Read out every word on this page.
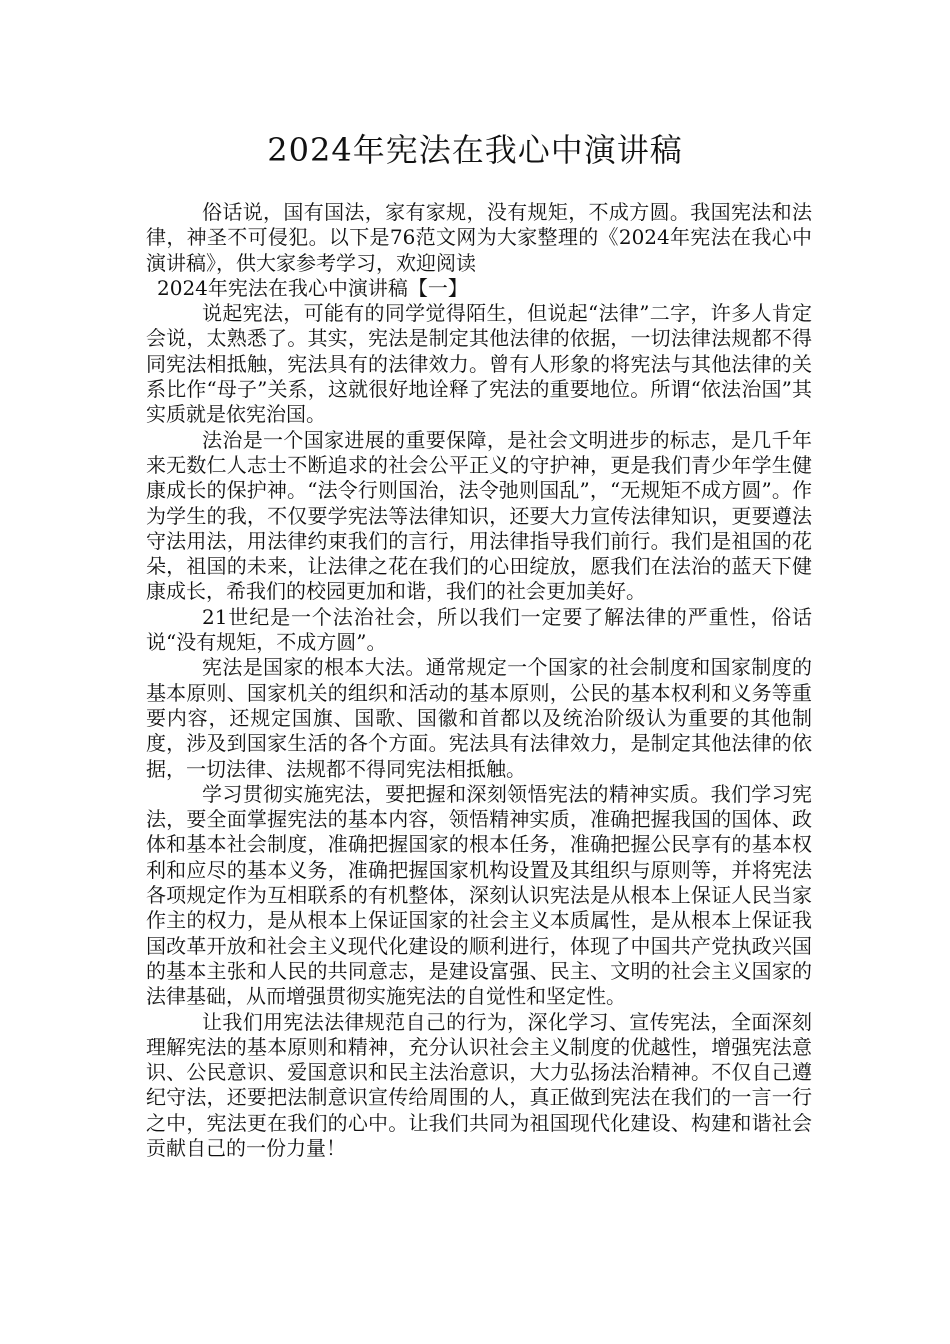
2024年宪法在我心中演讲稿

俗话说，国有国法，家有家规，没有规矩，不成方圆。我国宪法和法律，神圣不可侵犯。以下是76范文网为大家整理的《2024年宪法在我心中演讲稿》，供大家参考学习，欢迎阅读

2024年宪法在我心中演讲稿【一】

说起宪法，可能有的同学觉得陌生，但说起“法律”二字，许多人肯定会说，太熟悉了。其实，宪法是制定其他法律的依据，一切法律法规都不得同宪法相抵触，宪法具有的法律效力。曾有人形象的将宪法与其他法律的关系比作“母子”关系，这就很好地诠释了宪法的重要地位。所谓“依法治国”其实质就是依宪治国。

法治是一个国家进展的重要保障，是社会文明进步的标志，是几千年来无数仁人志士不断追求的社会公平正义的守护神，更是我们青少年学生健康成长的保护神。“法令行则国治，法令弛则国乱”，“无规矩不成方圆”。作为学生的我，不仅要学宪法等法律知识，还要大力宣传法律知识，更要遵法守法用法，用法律约束我们的言行，用法律指导我们前行。我们是祖国的花朵，祖国的未来，让法律之花在我们的心田绽放，愿我们在法治的蓝天下健康成长，希我们的校园更加和谐，我们的社会更加美好。

21世纪是一个法治社会，所以我们一定要了解法律的严重性，俗话说“没有规矩，不成方圆”。

宪法是国家的根本大法。通常规定一个国家的社会制度和国家制度的基本原则、国家机关的组织和活动的基本原则，公民的基本权利和义务等重要内容，还规定国旗、国歌、国徽和首都以及统治阶级认为重要的其他制度，涉及到国家生活的各个方面。宪法具有法律效力，是制定其他法律的依据，一切法律、法规都不得同宪法相抵触。

学习贯彻实施宪法，要把握和深刻领悟宪法的精神实质。我们学习宪法，要全面掌握宪法的基本内容，领悟精神实质，准确把握我国的国体、政体和基本社会制度，准确把握国家的根本任务，准确把握公民享有的基本权利和应尽的基本义务，准确把握国家机构设置及其组织与原则等，并将宪法各项规定作为互相联系的有机整体，深刻认识宪法是从根本上保证人民当家作主的权力，是从根本上保证国家的社会主义本质属性，是从根本上保证我国改革开放和社会主义现代化建设的顺利进行，体现了中国共产党执政兴国的基本主张和人民的共同意志，是建设富强、民主、文明的社会主义国家的法律基础，从而增强贯彻实施宪法的自觉性和坚定性。

让我们用宪法法律规范自己的行为，深化学习、宣传宪法，全面深刻理解宪法的基本原则和精神，充分认识社会主义制度的优越性，增强宪法意识、公民意识、爱国意识和民主法治意识，大力弘扬法治精神。不仅自己遵纪守法，还要把法制意识宣传给周围的人，真正做到宪法在我们的一言一行之中，宪法更在我们的心中。让我们共同为祖国现代化建设、构建和谐社会贡献自己的一份力量！
